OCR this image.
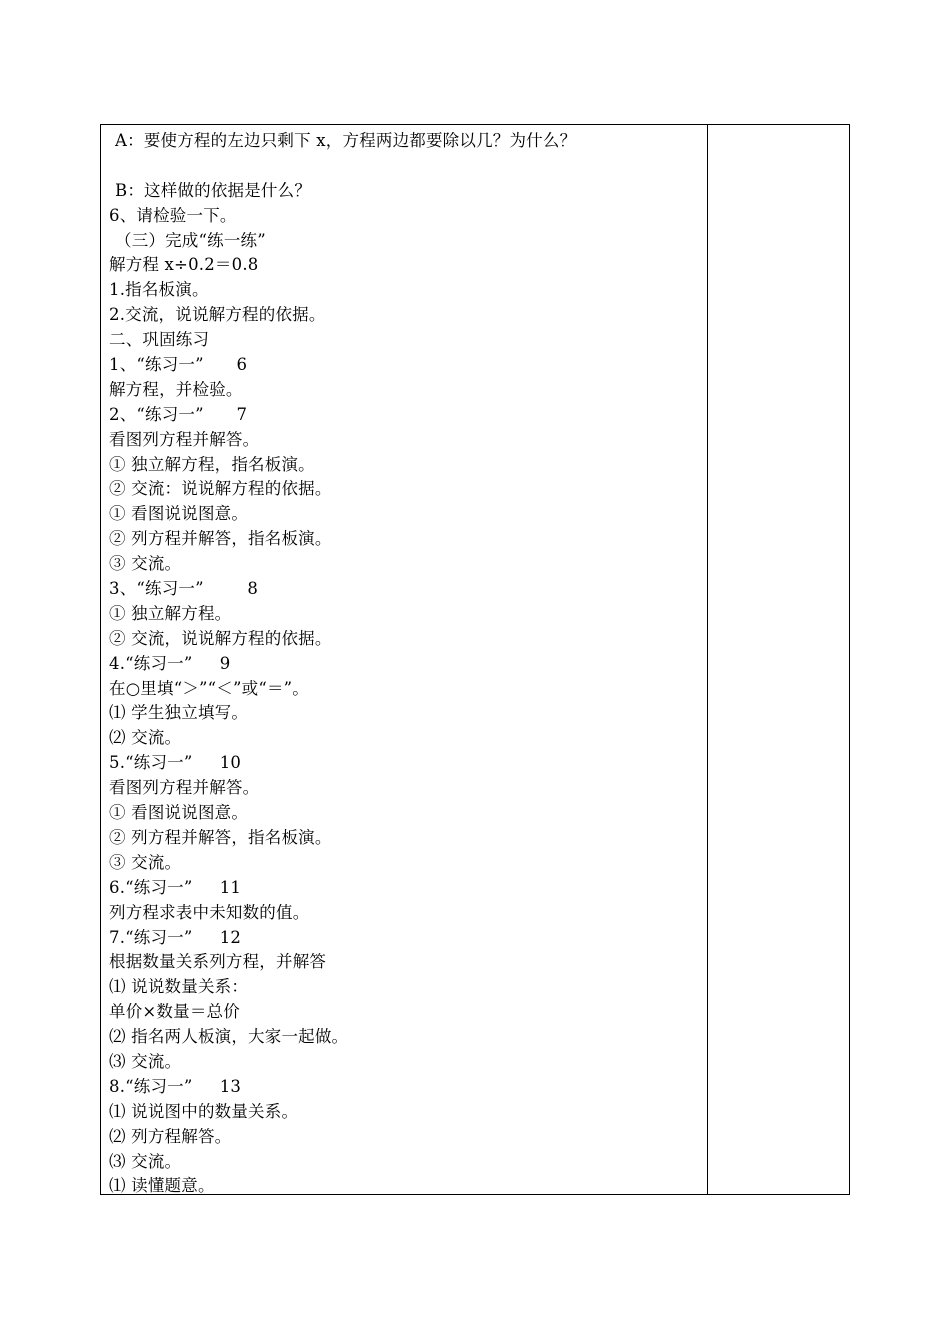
A：要使方程的左边只剩下 x，方程两边都要除以几？为什么？
B：这样做的依据是什么？
6、请检验一下。
（三）完成“练一练”
解方程 x÷0.2＝0.8
1.指名板演。
2.交流，说说解方程的依据。
二、巩固练习
1、“练习一”      6
解方程，并检验。
2、“练习一”      7
看图列方程并解答。
① 独立解方程，指名板演。
② 交流：说说解方程的依据。
① 看图说说图意。
② 列方程并解答，指名板演。
③ 交流。
3、“练习一”        8
① 独立解方程。
② 交流，说说解方程的依据。
4.“练习一”     9
在○里填“＞”“＜”或“＝”。
⑴ 学生独立填写。
⑵ 交流。
5.“练习一”     10
看图列方程并解答。
① 看图说说图意。
② 列方程并解答，指名板演。
③ 交流。
6.“练习一”     11
列方程求表中未知数的值。
7.“练习一”     12
根据数量关系列方程，并解答
⑴ 说说数量关系：
单价×数量＝总价
⑵ 指名两人板演，大家一起做。
⑶ 交流。
8.“练习一”     13
⑴ 说说图中的数量关系。
⑵ 列方程解答。
⑶ 交流。
⑴ 读懂题意。
